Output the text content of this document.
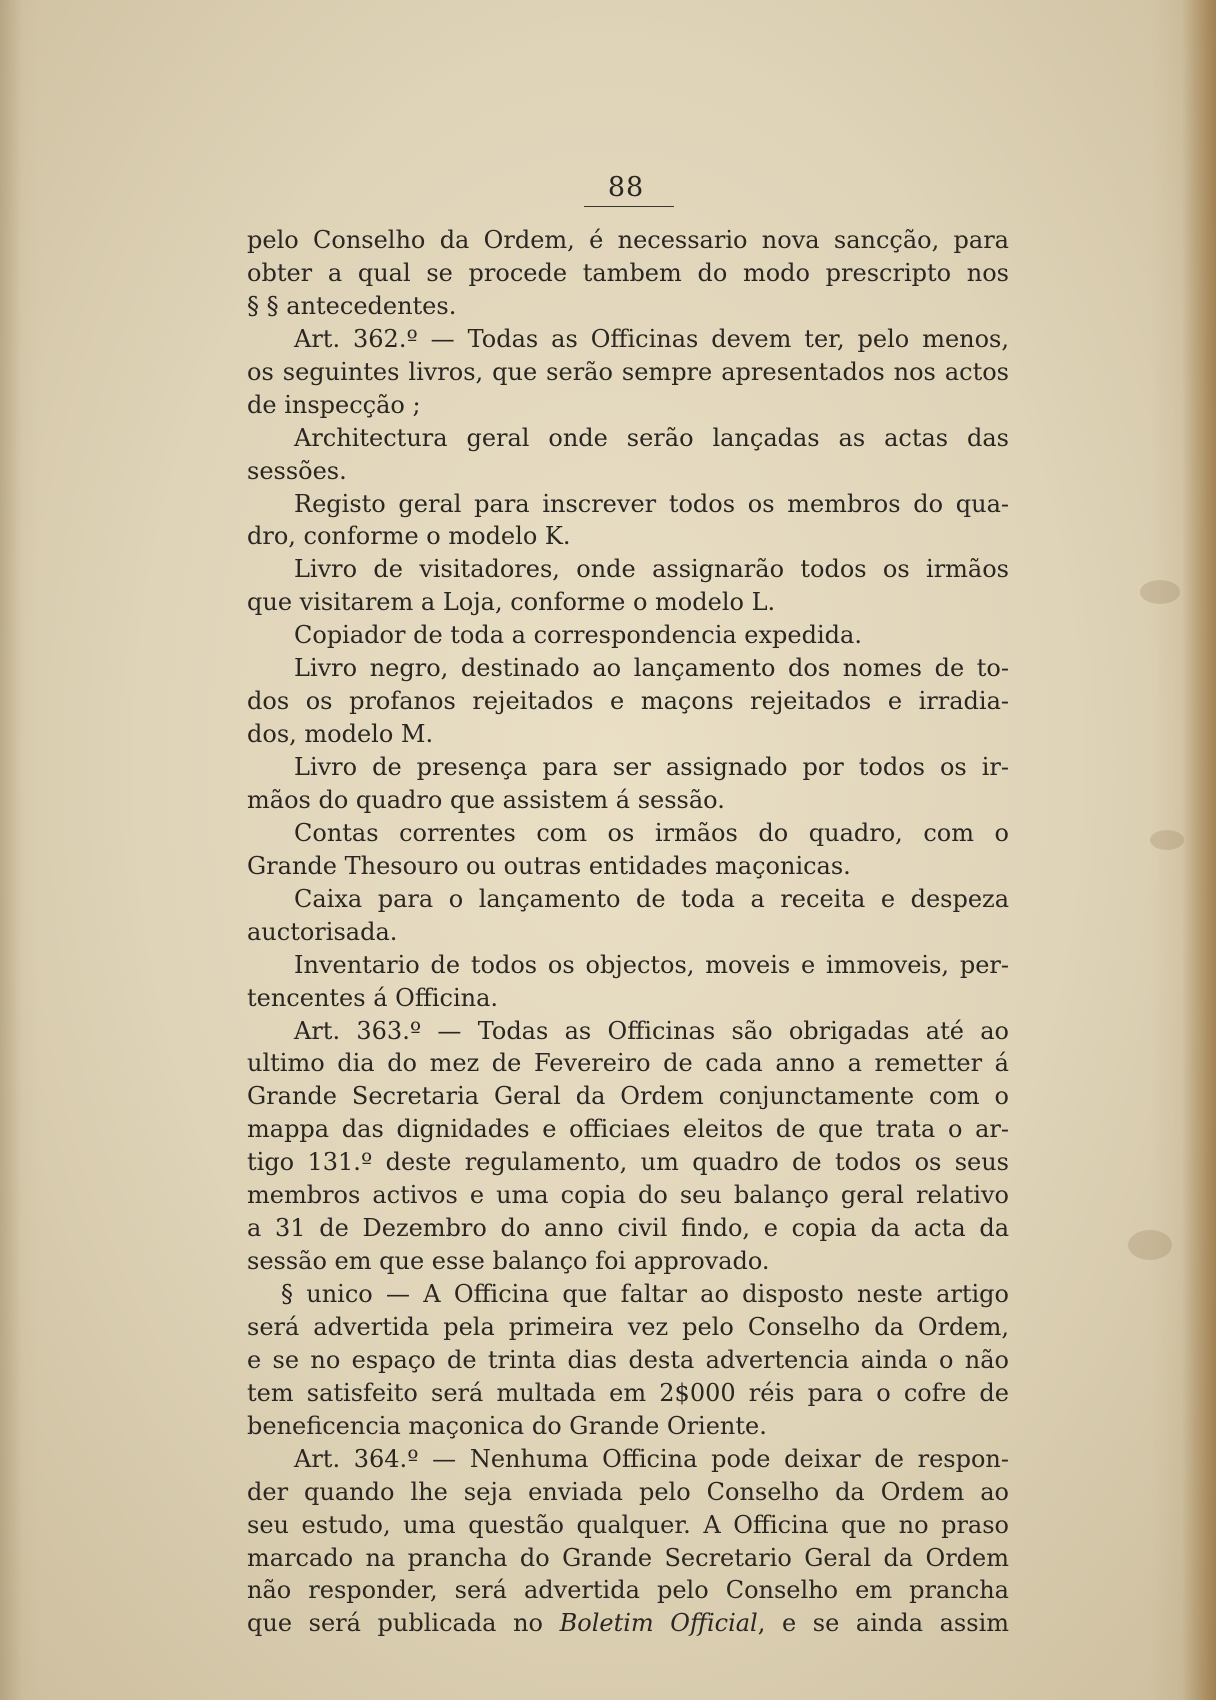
88
pelo Conselho da Ordem, é necessario nova sancção, para
obter a qual se procede tambem do modo prescripto nos
§ § antecedentes.
Art. 362.º — Todas as Officinas devem ter, pelo menos,
os seguintes livros, que serão sempre apresentados nos actos
de inspecção ;
Architectura geral onde serão lançadas as actas das
sessões.
Registo geral para inscrever todos os membros do qua-
dro, conforme o modelo K.
Livro de visitadores, onde assignarão todos os irmãos
que visitarem a Loja, conforme o modelo L.
Copiador de toda a correspondencia expedida.
Livro negro, destinado ao lançamento dos nomes de to-
dos os profanos rejeitados e maçons rejeitados e irradia-
dos, modelo M.
Livro de presença para ser assignado por todos os ir-
mãos do quadro que assistem á sessão.
Contas correntes com os irmãos do quadro, com o
Grande Thesouro ou outras entidades maçonicas.
Caixa para o lançamento de toda a receita e despeza
auctorisada.
Inventario de todos os objectos, moveis e immoveis, per-
tencentes á Officina.
Art. 363.º — Todas as Officinas são obrigadas até ao
ultimo dia do mez de Fevereiro de cada anno a remetter á
Grande Secretaria Geral da Ordem conjunctamente com o
mappa das dignidades e officiaes eleitos de que trata o ar-
tigo 131.º deste regulamento, um quadro de todos os seus
membros activos e uma copia do seu balanço geral relativo
a 31 de Dezembro do anno civil findo, e copia da acta da
sessão em que esse balanço foi approvado.
§ unico — A Officina que faltar ao disposto neste artigo
será advertida pela primeira vez pelo Conselho da Ordem,
e se no espaço de trinta dias desta advertencia ainda o não
tem satisfeito será multada em 2$000 réis para o cofre de
beneficencia maçonica do Grande Oriente.
Art. 364.º — Nenhuma Officina pode deixar de respon-
der quando lhe seja enviada pelo Conselho da Ordem ao
seu estudo, uma questão qualquer. A Officina que no praso
marcado na prancha do Grande Secretario Geral da Ordem
não responder, será advertida pelo Conselho em prancha
que será publicada no Boletim Official, e se ainda assim
